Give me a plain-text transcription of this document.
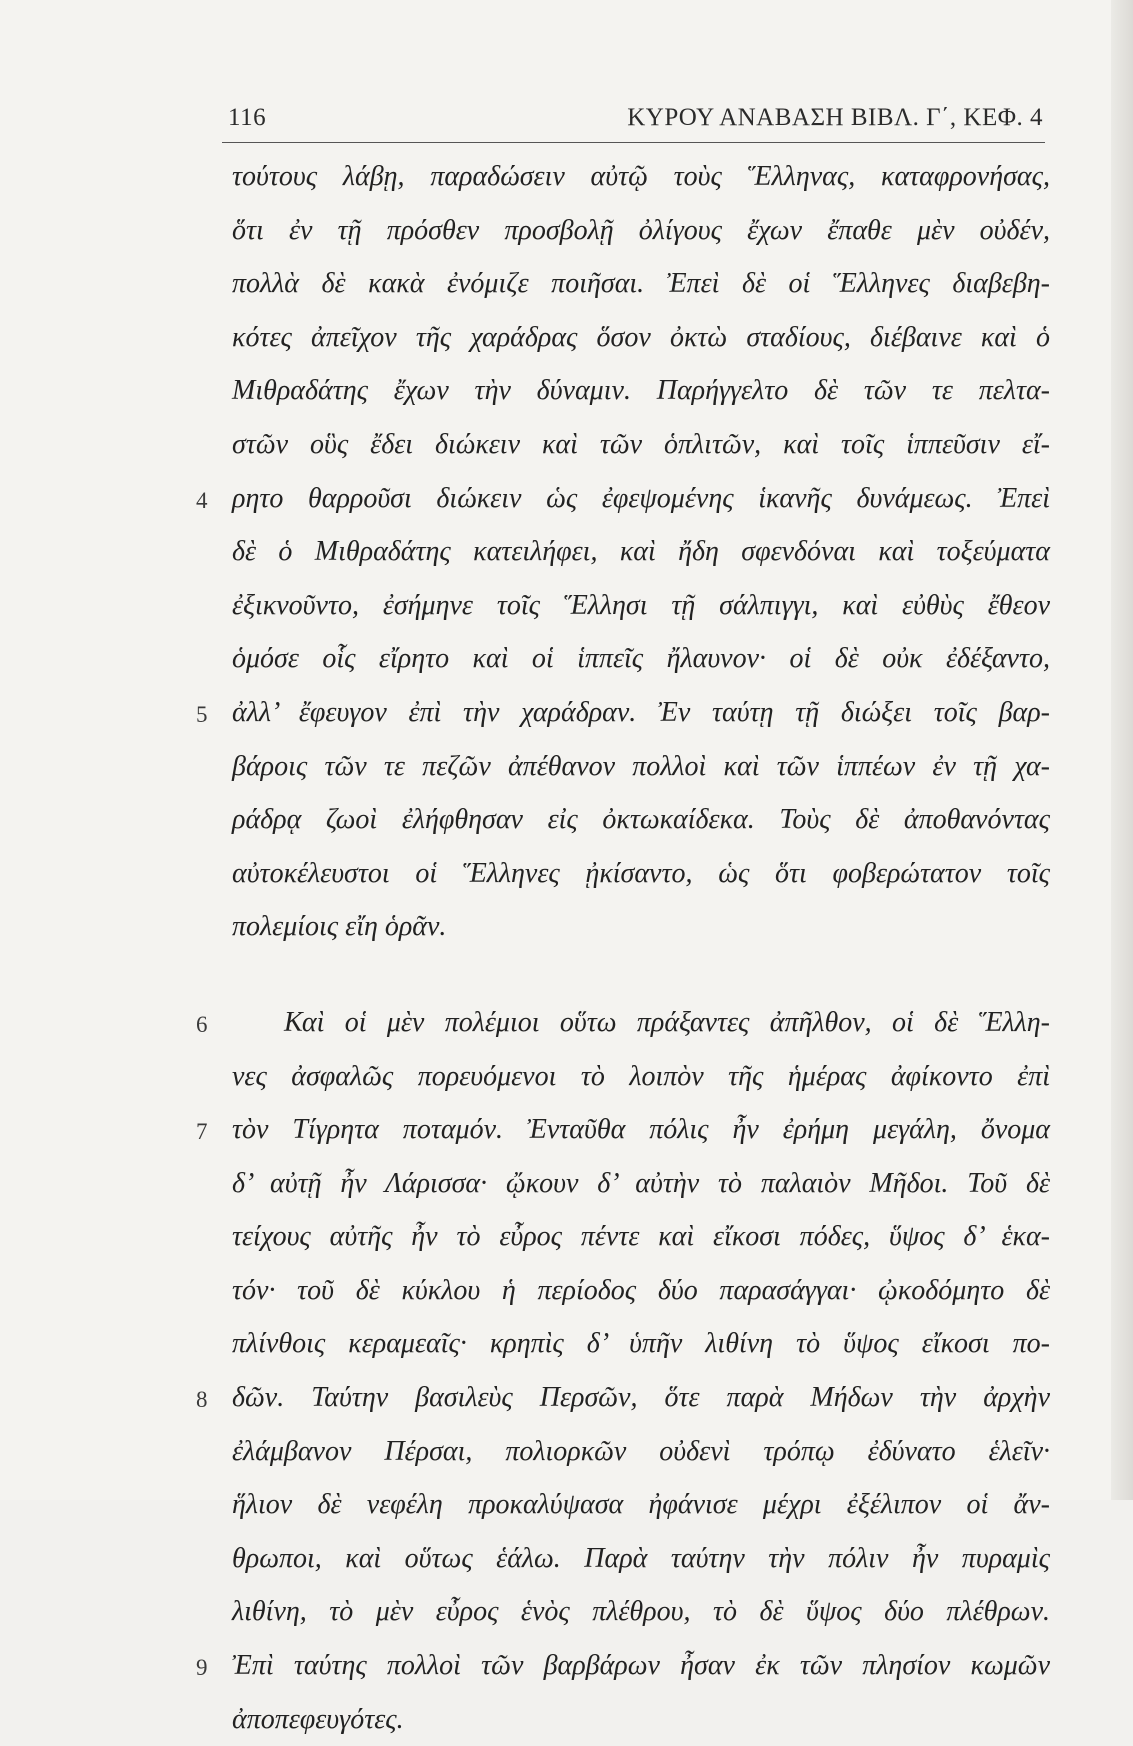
116	ΚΥΡΟΥ ΑΝΑΒΑΣΗ ΒΙΒΛ. Γ΄, ΚΕΦ. 4
τούτους λάβῃ, παραδώσειν αὐτῷ τοὺς Ἕλληνας, καταφρονήσας,
ὅτι ἐν τῇ πρόσθεν προσβολῇ ὀλίγους ἔχων ἔπαθε μὲν οὐδέν,
πολλὰ δὲ κακὰ ἐνόμιζε ποιῆσαι. Ἐπεὶ δὲ οἱ Ἕλληνες διαβεβη-
κότες ἀπεῖχον τῆς χαράδρας ὅσον ὀκτὼ σταδίους, διέβαινε καὶ ὁ
Μιθραδάτης ἔχων τὴν δύναμιν. Παρήγγελτο δὲ τῶν τε πελτα-
στῶν οὓς ἔδει διώκειν καὶ τῶν ὁπλιτῶν, καὶ τοῖς ἱππεῦσιν εἴ-
4 ρητο θαρροῦσι διώκειν ὡς ἐφεψομένης ἱκανῆς δυνάμεως. Ἐπεὶ
δὲ ὁ Μιθραδάτης κατειλήφει, καὶ ἤδη σφενδόναι καὶ τοξεύματα
ἐξικνοῦντο, ἐσήμηνε τοῖς Ἕλλησι τῇ σάλπιγγι, καὶ εὐθὺς ἔθεον
ὁμόσε οἷς εἴρητο καὶ οἱ ἱππεῖς ἤλαυνον· οἱ δὲ οὐκ ἐδέξαντο,
5 ἀλλ’ ἔφευγον ἐπὶ τὴν χαράδραν. Ἐν ταύτῃ τῇ διώξει τοῖς βαρ-
βάροις τῶν τε πεζῶν ἀπέθανον πολλοὶ καὶ τῶν ἱππέων ἐν τῇ χα-
ράδρᾳ ζωοὶ ἐλήφθησαν εἰς ὀκτωκαίδεκα. Τοὺς δὲ ἀποθανόντας
αὐτοκέλευστοι οἱ Ἕλληνες ᾐκίσαντο, ὡς ὅτι φοβερώτατον τοῖς
πολεμίοις εἴη ὁρᾶν.
6	Καὶ οἱ μὲν πολέμιοι οὕτω πράξαντες ἀπῆλθον, οἱ δὲ Ἕλλη-
νες ἀσφαλῶς πορευόμενοι τὸ λοιπὸν τῆς ἡμέρας ἀφίκοντο ἐπὶ
7 τὸν Τίγρητα ποταμόν. Ἐνταῦθα πόλις ἦν ἐρήμη μεγάλη, ὄνομα
δ’ αὐτῇ ἦν Λάρισσα· ᾤκουν δ’ αὐτὴν τὸ παλαιὸν Μῆδοι. Τοῦ δὲ
τείχους αὐτῆς ἦν τὸ εὖρος πέντε καὶ εἴκοσι πόδες, ὕψος δ’ ἑκα-
τόν· τοῦ δὲ κύκλου ἡ περίοδος δύο παρασάγγαι· ᾠκοδόμητο δὲ
πλίνθοις κεραμεαῖς· κρηπὶς δ’ ὑπῆν λιθίνη τὸ ὕψος εἴκοσι πο-
8 δῶν. Ταύτην βασιλεὺς Περσῶν, ὅτε παρὰ Μήδων τὴν ἀρχὴν
ἐλάμβανον Πέρσαι, πολιορκῶν οὐδενὶ τρόπῳ ἐδύνατο ἑλεῖν·
ἥλιον δὲ νεφέλη προκαλύψασα ἠφάνισε μέχρι ἐξέλιπον οἱ ἄν-
θρωποι, καὶ οὕτως ἑάλω. Παρὰ ταύτην τὴν πόλιν ἦν πυραμὶς
λιθίνη, τὸ μὲν εὖρος ἑνὸς πλέθρου, τὸ δὲ ὕψος δύο πλέθρων.
9 Ἐπὶ ταύτης πολλοὶ τῶν βαρβάρων ἦσαν ἐκ τῶν πλησίον κωμῶν
ἀποπεφευγότες.
